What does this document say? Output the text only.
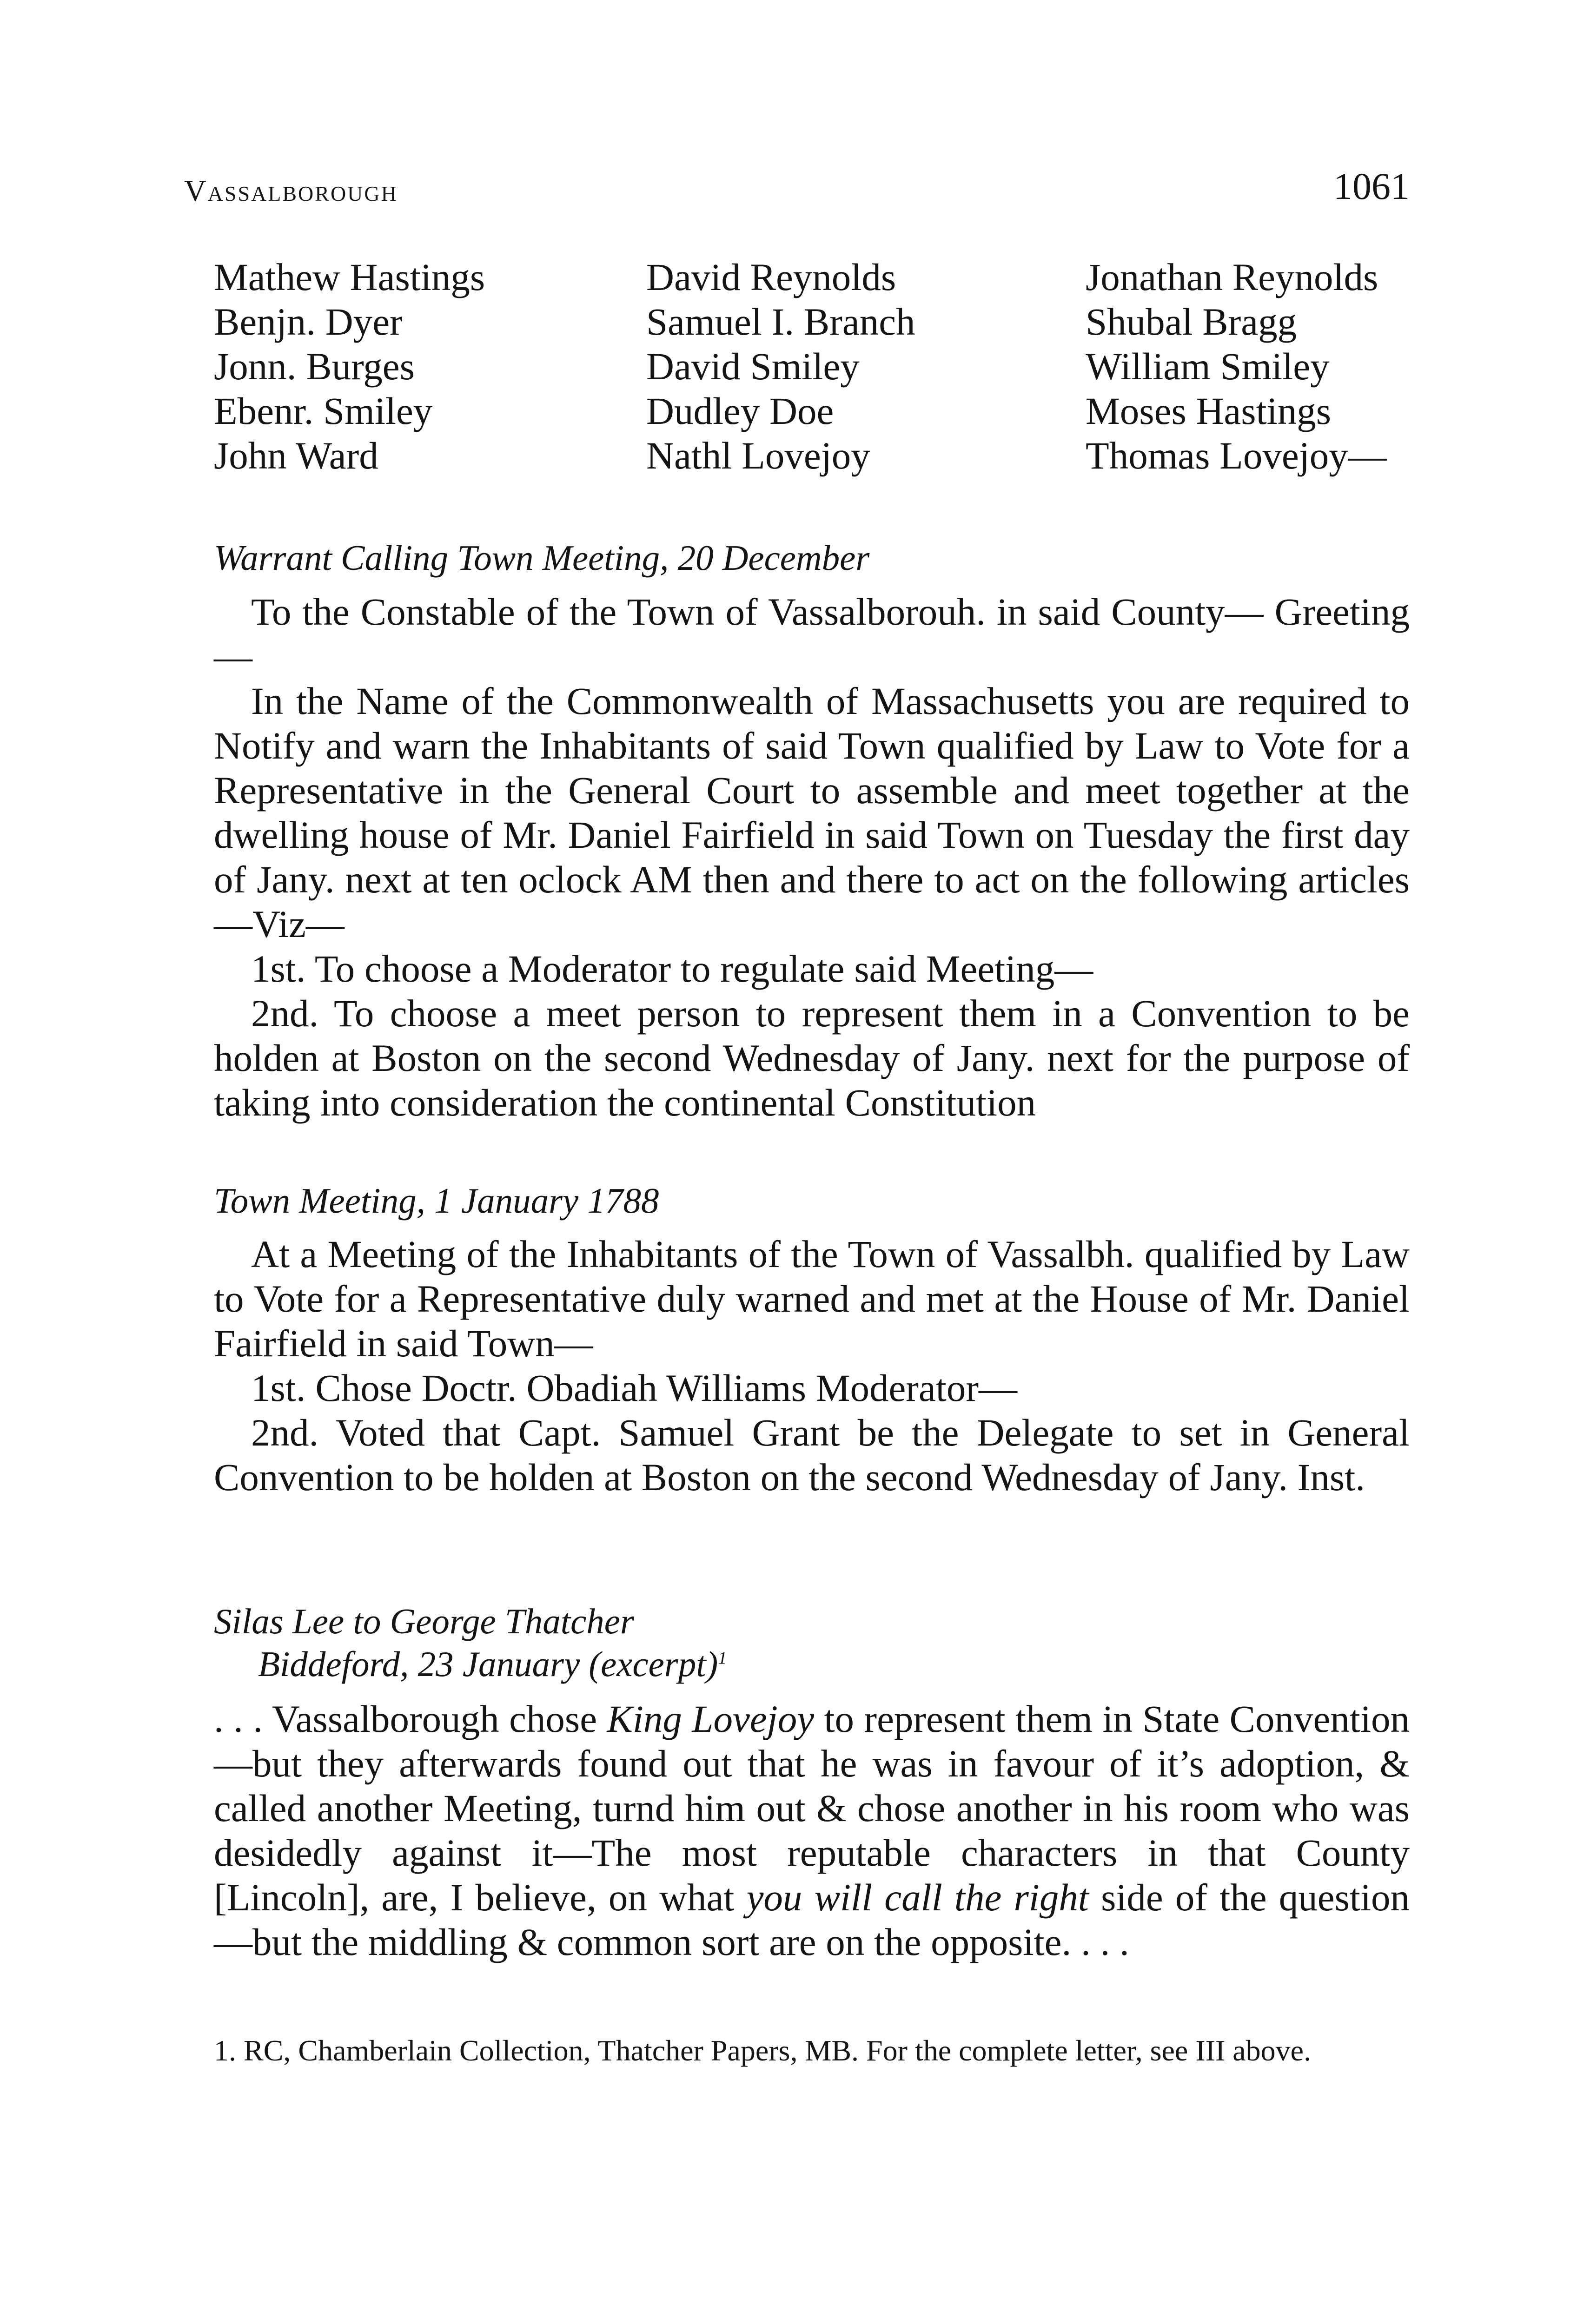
Vassalborough	1061
Mathew Hastings
Benjn. Dyer
Jonn. Burges
Ebenr. Smiley
John Ward
David Reynolds
Samuel I. Branch
David Smiley
Dudley Doe
Nathl Lovejoy
Jonathan Reynolds
Shubal Bragg
William Smiley
Moses Hastings
Thomas Lovejoy—
Warrant Calling Town Meeting, 20 December

To the Constable of the Town of Vassalborouh. in said County— Greeting—

In the Name of the Commonwealth of Massachusetts you are required to Notify and warn the Inhabitants of said Town qualified by Law to Vote for a Representative in the General Court to assemble and meet together at the dwelling house of Mr. Daniel Fairfield in said Town on Tuesday the first day of Jany. next at ten oclock AM then and there to act on the following articles—Viz—

1st. To choose a Moderator to regulate said Meeting—

2nd. To choose a meet person to represent them in a Convention to be holden at Boston on the second Wednesday of Jany. next for the purpose of taking into consideration the continental Constitution

Town Meeting, 1 January 1788

At a Meeting of the Inhabitants of the Town of Vassalbh. qualified by Law to Vote for a Representative duly warned and met at the House of Mr. Daniel Fairfield in said Town—

1st. Chose Doctr. Obadiah Williams Moderator—

2nd. Voted that Capt. Samuel Grant be the Delegate to set in General Convention to be holden at Boston on the second Wednesday of Jany. Inst.

Silas Lee to George Thatcher
Biddeford, 23 January (excerpt)$^1$

. . . Vassalborough chose King Lovejoy to represent them in State Convention—but they afterwards found out that he was in favour of it’s adoption, & called another Meeting, turnd him out & chose another in his room who was desidedly against it—The most reputable characters in that County [Lincoln], are, I believe, on what you will call the right side of the question—but the middling & common sort are on the opposite. . . .

1. RC, Chamberlain Collection, Thatcher Papers, MB. For the complete letter, see III above.
